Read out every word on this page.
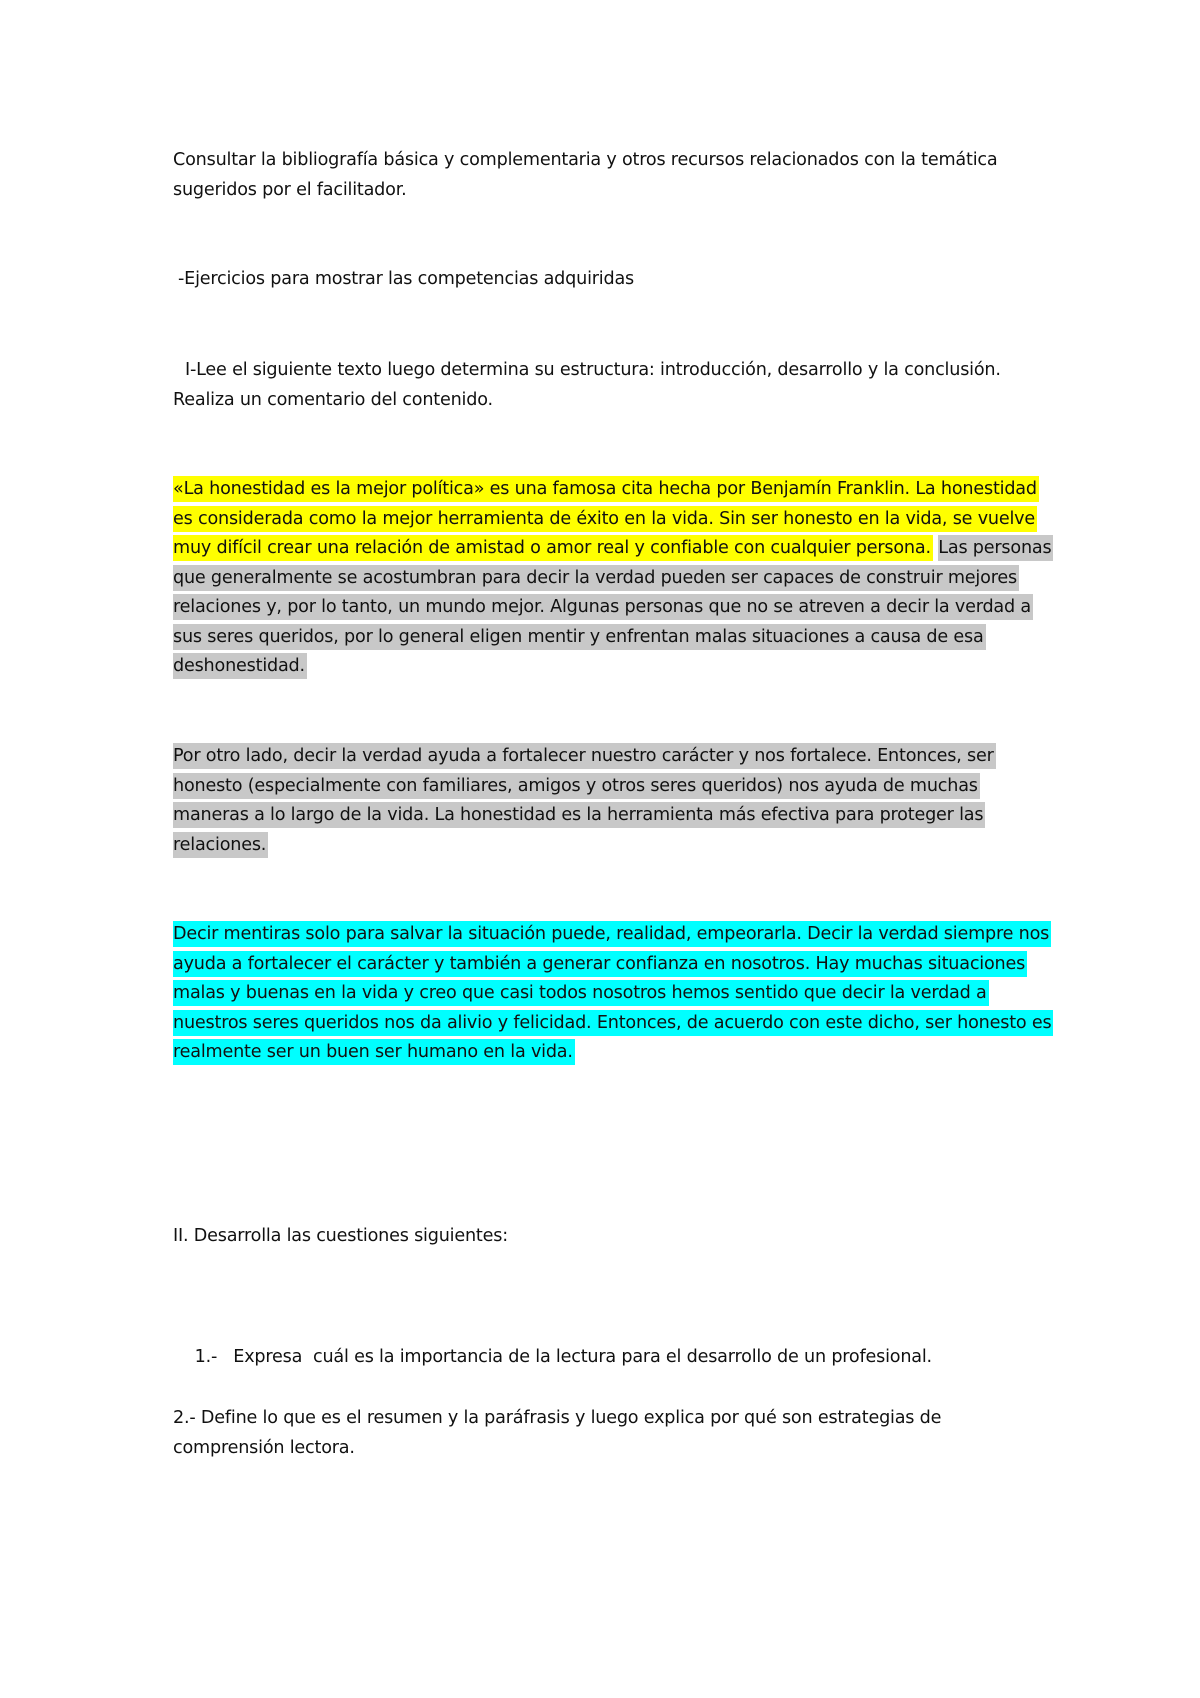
Consultar la bibliografía básica y complementaria y otros recursos relacionados con la temática sugeridos por el facilitador.

-Ejercicios para mostrar las competencias adquiridas

I-Lee el siguiente texto luego determina su estructura: introducción, desarrollo y la conclusión. Realiza un comentario del contenido.

«La honestidad es la mejor política» es una famosa cita hecha por Benjamín Franklin. La honestidad es considerada como la mejor herramienta de éxito en la vida. Sin ser honesto en la vida, se vuelve muy difícil crear una relación de amistad o amor real y confiable con cualquier persona. Las personas que generalmente se acostumbran para decir la verdad pueden ser capaces de construir mejores relaciones y, por lo tanto, un mundo mejor. Algunas personas que no se atreven a decir la verdad a sus seres queridos, por lo general eligen mentir y enfrentan malas situaciones a causa de esa deshonestidad.

Por otro lado, decir la verdad ayuda a fortalecer nuestro carácter y nos fortalece. Entonces, ser honesto (especialmente con familiares, amigos y otros seres queridos) nos ayuda de muchas maneras a lo largo de la vida. La honestidad es la herramienta más efectiva para proteger las relaciones.

Decir mentiras solo para salvar la situación puede, realidad, empeorarla. Decir la verdad siempre nos ayuda a fortalecer el carácter y también a generar confianza en nosotros. Hay muchas situaciones malas y buenas en la vida y creo que casi todos nosotros hemos sentido que decir la verdad a nuestros seres queridos nos da alivio y felicidad. Entonces, de acuerdo con este dicho, ser honesto es realmente ser un buen ser humano en la vida.

II. Desarrolla las cuestiones siguientes:

1.-   Expresa  cuál es la importancia de la lectura para el desarrollo de un profesional.

2.- Define lo que es el resumen y la paráfrasis y luego explica por qué son estrategias de comprensión lectora.
